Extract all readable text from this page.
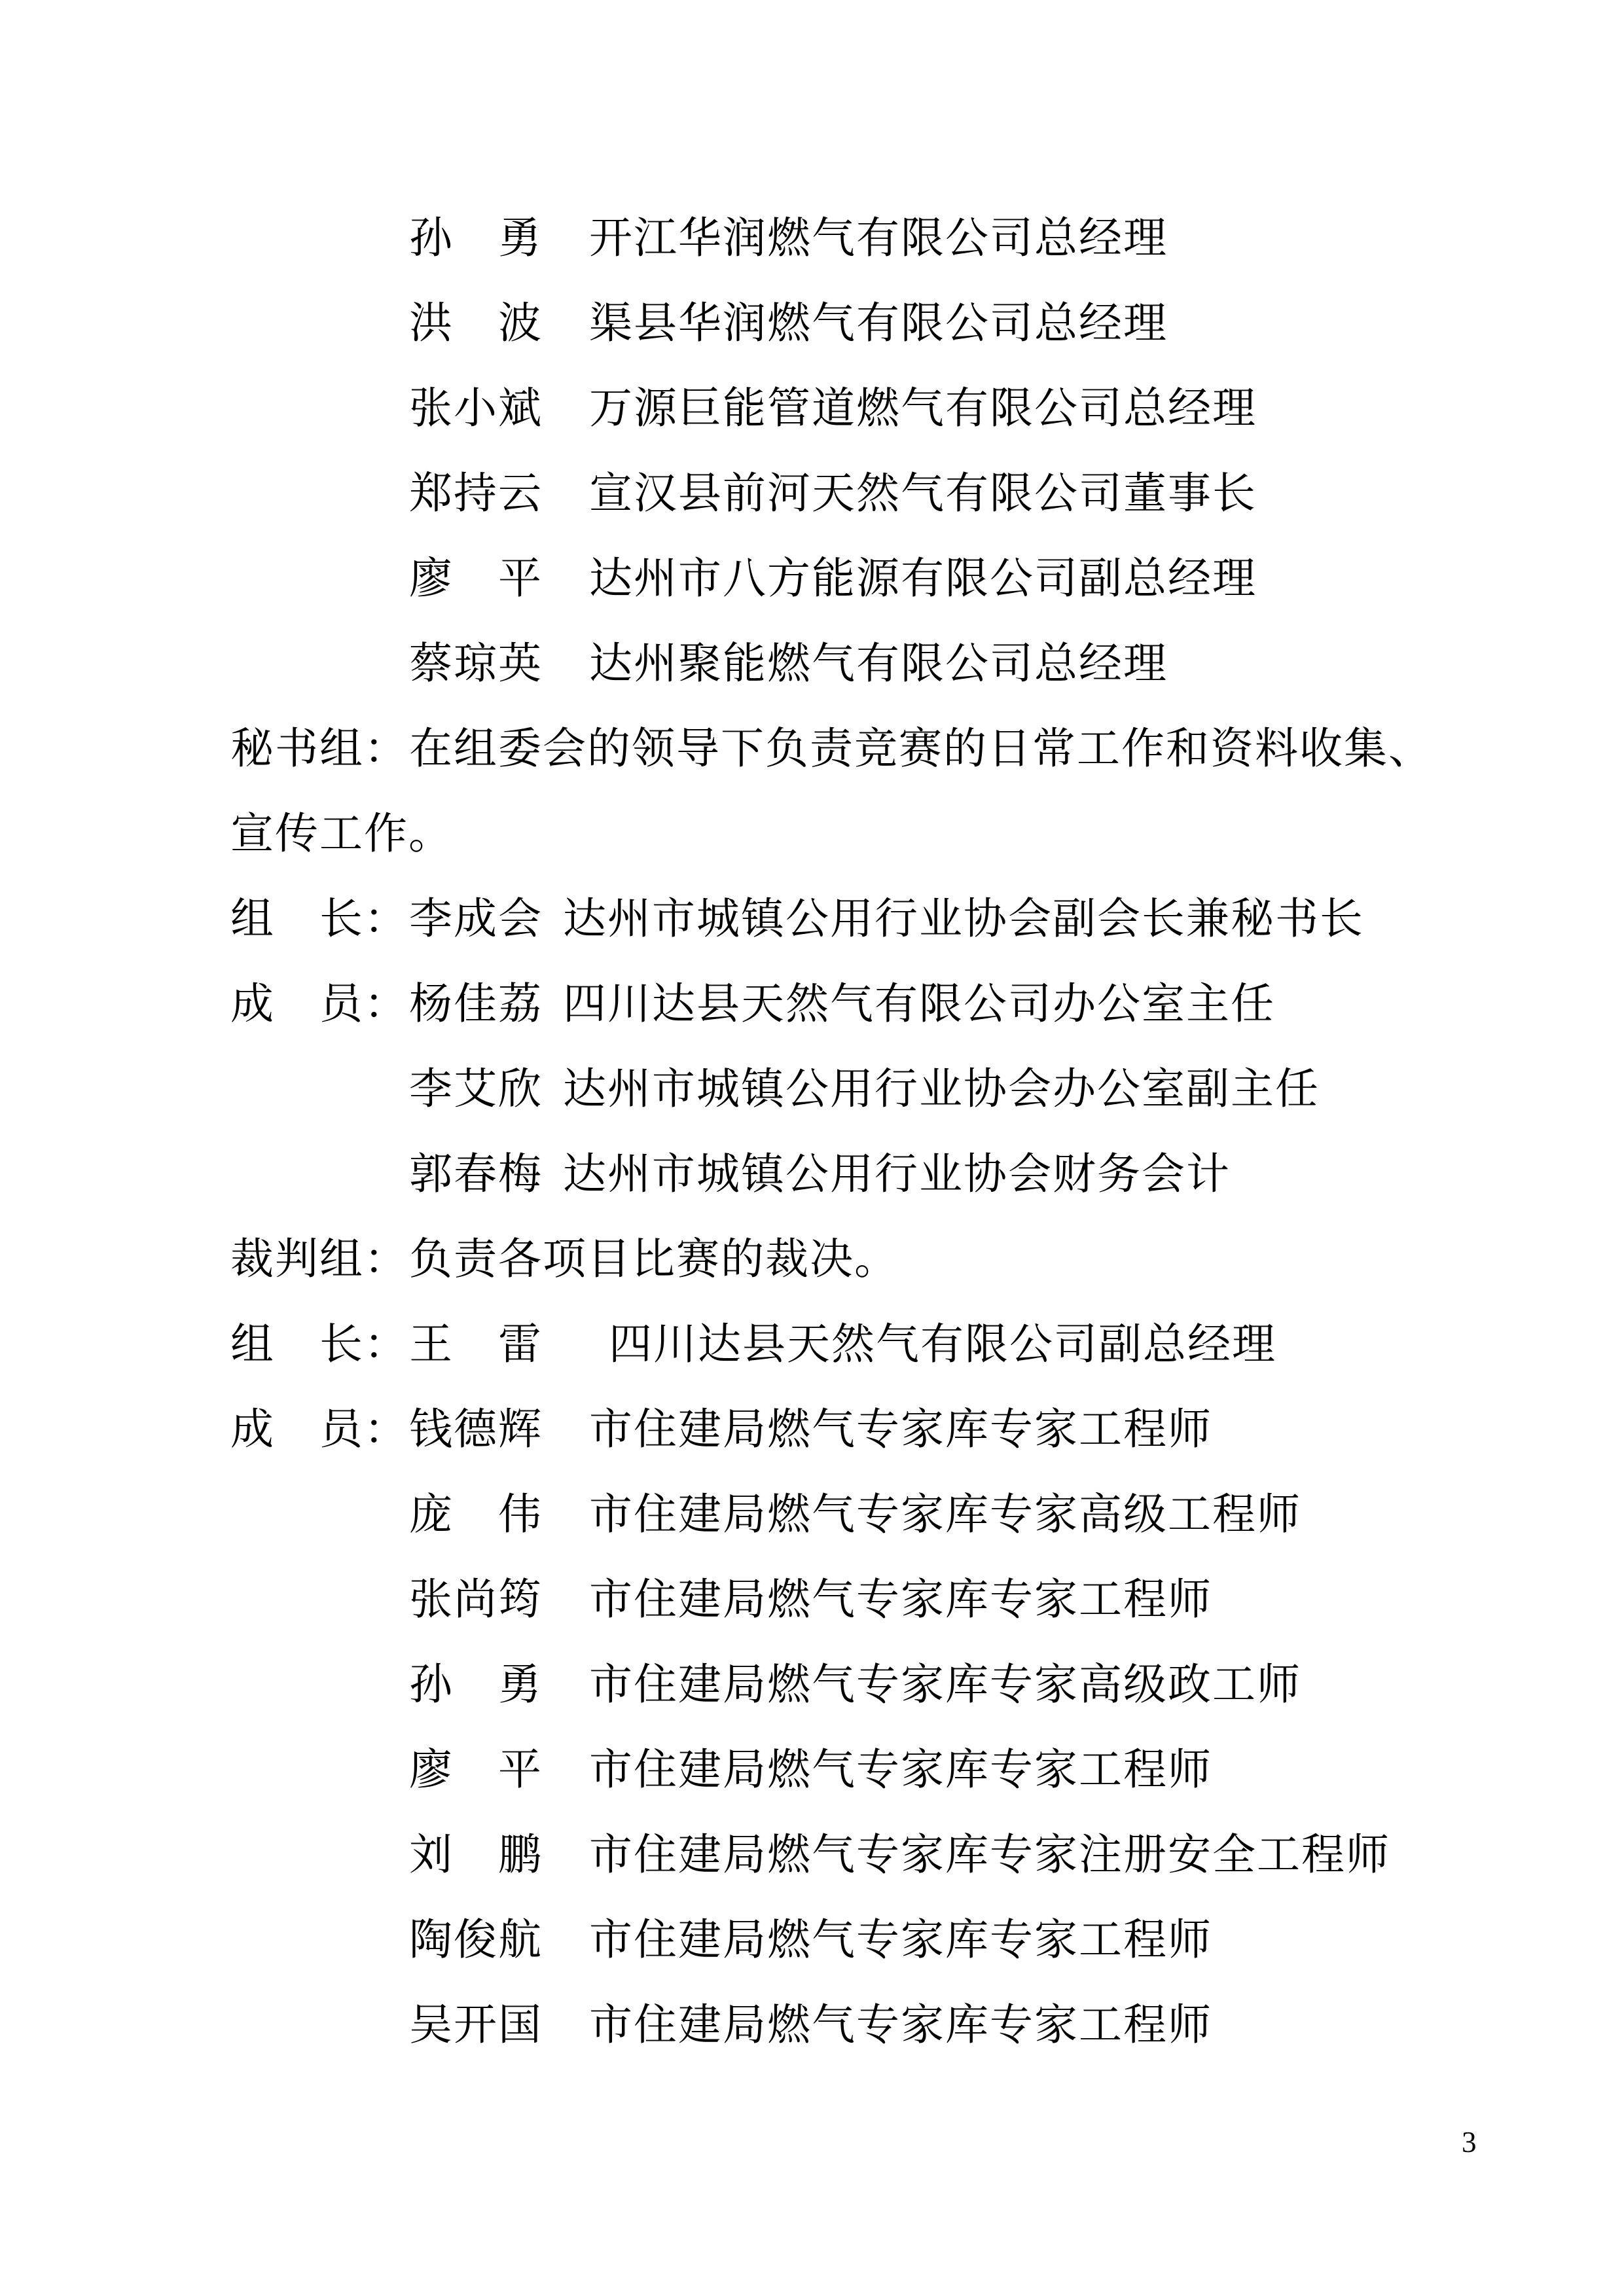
孙　勇 开江华润燃气有限公司总经理
洪　波 渠县华润燃气有限公司总经理
张小斌 万源巨能管道燃气有限公司总经理
郑持云 宣汉县前河天然气有限公司董事长
廖　平 达州市八方能源有限公司副总经理
蔡琼英 达州聚能燃气有限公司总经理
秘书组： 在组委会的领导下负责竞赛的日常工作和资料收集、
宣传工作。
组　长： 李成会 达州市城镇公用行业协会副会长兼秘书长
成　员： 杨佳荔 四川达县天然气有限公司办公室主任
李艾欣 达州市城镇公用行业协会办公室副主任
郭春梅 达州市城镇公用行业协会财务会计
裁判组： 负责各项目比赛的裁决。
组　长： 王　雷 四川达县天然气有限公司副总经理
成　员： 钱德辉 市住建局燃气专家库专家工程师
庞　伟 市住建局燃气专家库专家高级工程师
张尚筠 市住建局燃气专家库专家工程师
孙　勇 市住建局燃气专家库专家高级政工师
廖　平 市住建局燃气专家库专家工程师
刘　鹏 市住建局燃气专家库专家注册安全工程师
陶俊航 市住建局燃气专家库专家工程师
吴开国 市住建局燃气专家库专家工程师
3
